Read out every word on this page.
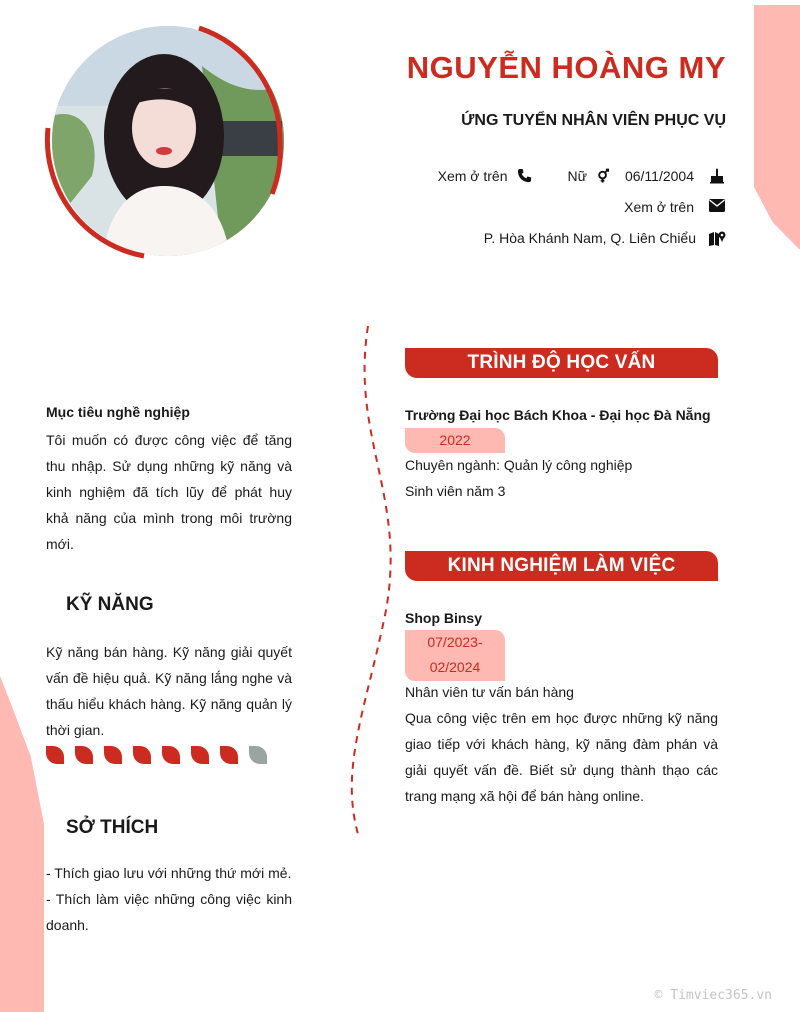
NGUYỄN HOÀNG MY
ỨNG TUYỂN NHÂN VIÊN PHỤC VỤ
Xem ở trên	Nữ	06/11/2004
Xem ở trên
P. Hòa Khánh Nam, Q. Liên Chiểu
Mục tiêu nghề nghiệp
Tôi muốn có được công việc để tăng thu nhập. Sử dụng những kỹ năng và kinh nghiệm đã tích lũy để phát huy khả năng của mình trong môi trường mới.
KỸ NĂNG
Kỹ năng bán hàng. Kỹ năng giải quyết vấn đề hiệu quả. Kỹ năng lắng nghe và thấu hiểu khách hàng. Kỹ năng quản lý thời gian.
SỞ THÍCH
- Thích giao lưu với những thứ mới mẻ.
- Thích làm việc những công việc kinh doanh.
TRÌNH ĐỘ HỌC VẤN
Trường Đại học Bách Khoa - Đại học Đà Nẵng
2022
Chuyên ngành: Quản lý công nghiệp
Sinh viên năm 3
KINH NGHIỆM LÀM VIỆC
Shop Binsy
07/2023-
02/2024
Nhân viên tư vấn bán hàng
Qua công việc trên em học được những kỹ năng giao tiếp với khách hàng, kỹ năng đàm phán và giải quyết vấn đề. Biết sử dụng thành thạo các trang mạng xã hội để bán hàng online.
© Timviec365.vn
